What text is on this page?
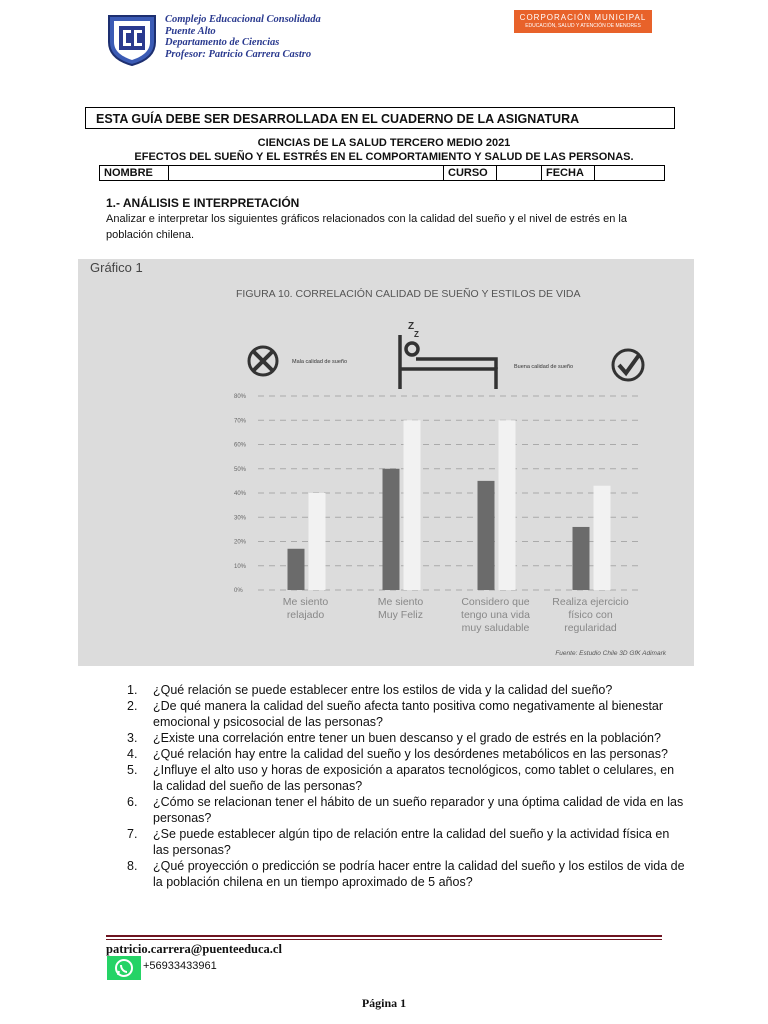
Complejo Educacional Consolidada
Puente Alto
Departamento de Ciencias
Profesor: Patricio Carrera Castro
CORPORACIÓN MUNICIPAL
EDUCACIÓN, SALUD Y ATENCIÓN DE MENORES
ESTA GUÍA DEBE SER DESARROLLADA EN EL CUADERNO DE LA ASIGNATURA
CIENCIAS DE LA SALUD TERCERO MEDIO 2021
EFECTOS DEL SUEÑO Y EL ESTRÉS EN EL COMPORTAMIENTO Y SALUD DE LAS PERSONAS.
NOMBRE		CURSO		FECHA	
1.- ANÁLISIS E INTERPRETACIÓN
Analizar e interpretar los siguientes gráficos relacionados con la calidad del sueño y el nivel de estrés en la población chilena.
Gráfico 1
FIGURA 10. CORRELACIÓN CALIDAD DE SUEÑO Y ESTILOS DE VIDA
Mala calidad de sueño
Z
Z
Buena calidad de sueño
0%
10%
20%
30%
40%
50%
60%
70%
80%
Me siento
relajado
Me siento
Muy Feliz
Considero que
tengo una vida
muy saludable
Realiza ejercicio
físico con
regularidad
Fuente: Estudio Chile 3D GfK Adimark
1.	¿Qué relación se puede establecer entre los estilos de vida y la calidad del sueño?
2.	¿De qué manera la calidad del sueño afecta tanto positiva como negativamente al bienestar emocional y psicosocial de las personas?
3.	¿Existe una correlación entre tener un buen descanso y el grado de estrés en la población?
4.	¿Qué relación hay entre la calidad del sueño y los desórdenes metabólicos en las personas?
5.	¿Influye el alto uso y horas de exposición a aparatos tecnológicos, como tablet o celulares, en la calidad del sueño de las personas?
6.	¿Cómo se relacionan tener el hábito de un sueño reparador y una óptima calidad de vida en las personas?
7.	¿Se puede establecer algún tipo de relación entre la calidad del sueño y la actividad física en las personas?
8.	¿Qué proyección o predicción se podría hacer entre la calidad del sueño y los estilos de vida de la población chilena en un tiempo aproximado de 5 años?
patricio.carrera@puenteeduca.cl
+56933433961
Página 1
